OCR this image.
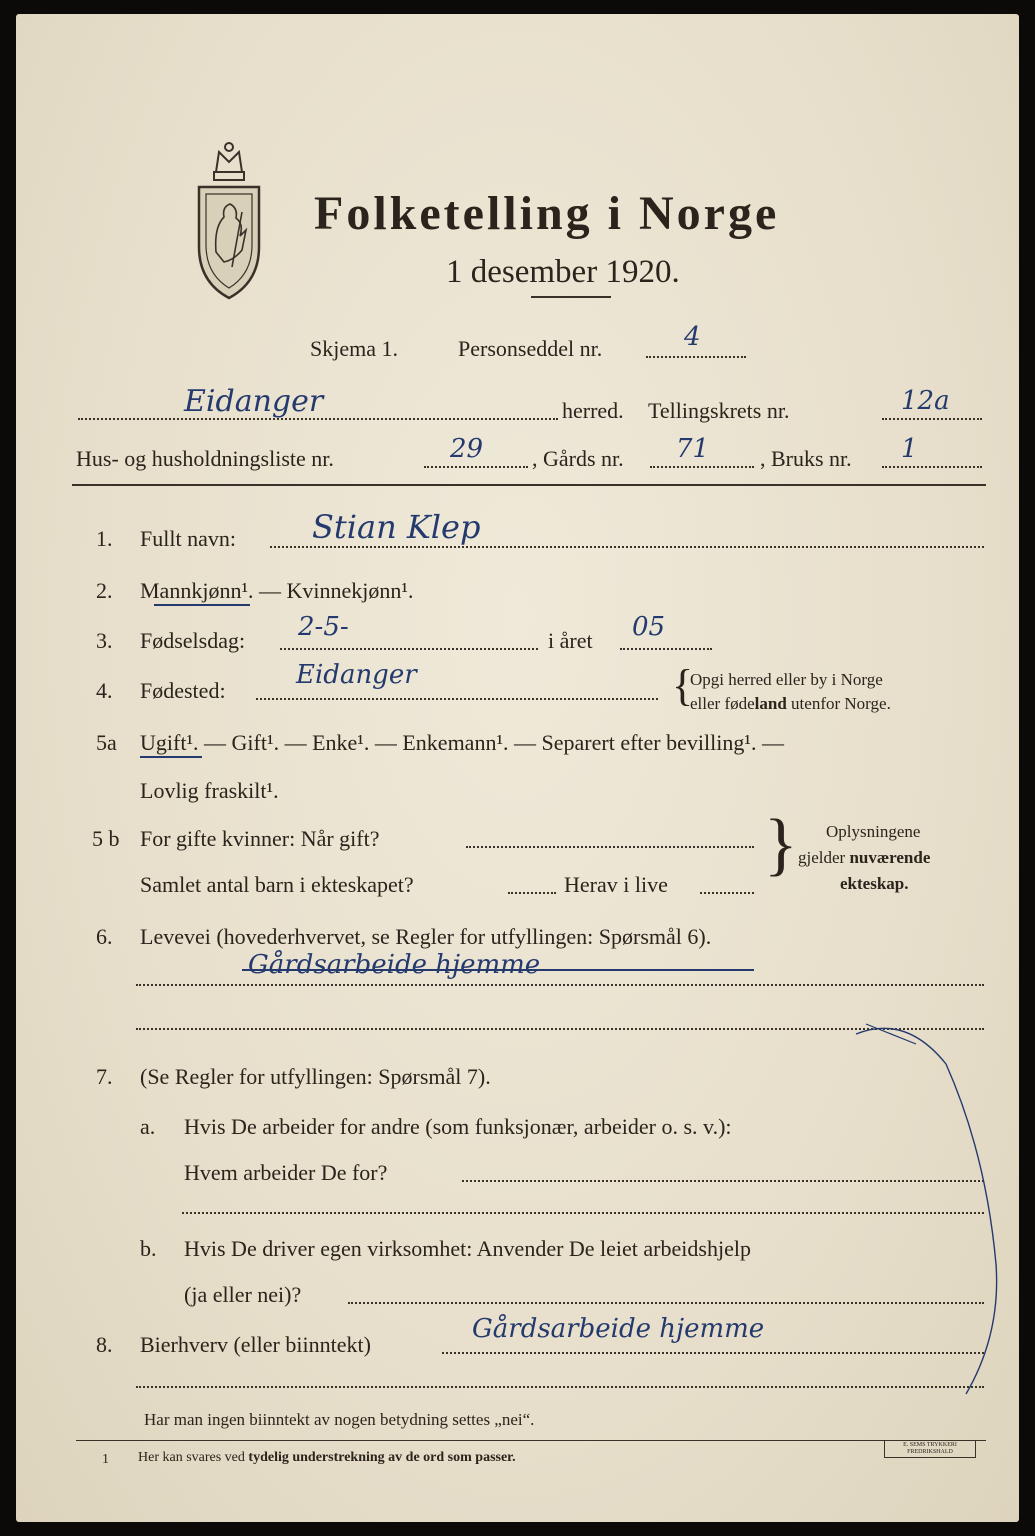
Folketelling i Norge
1 desember 1920.
Skjema 1.	Personseddel nr.	4
Eidanger	herred. Tellingskrets nr.	12a
Hus- og husholdningsliste nr.	29 , Gårds nr. 71 , Bruks nr. 1
1. Fullt navn: Stian Klep
2. Mannkjønn¹. — Kvinnekjønn¹.
3. Fødselsdag: 2-5-	i året 05
4. Fødested:
Eidanger	{
Opgi herred eller by i Norge
eller fødeland utenfor Norge.
5a Ugift¹. — Gift¹. — Enke¹. — Enkemann¹. — Separert efter bevilling¹. —
Lovlig fraskilt¹.
5 b For gifte kvinner: Når gift?
Samlet antal barn i ekteskapet?	Herav i live
} Oplysningene
gjelder nuværende
ekteskap.
6. Levevei (hovederhvervet, se Regler for utfyllingen: Spørsmål 6).
Gårdsarbeide hjemme
7. (Se Regler for utfyllingen: Spørsmål 7).
a. Hvis De arbeider for andre (som funksjonær, arbeider o. s. v.):
Hvem arbeider De for?
b. Hvis De driver egen virksomhet: Anvender De leiet arbeidshjelp
(ja eller nei)?
8. Bierhverv (eller biinntekt)
Gårdsarbeide hjemme
Har man ingen biinntekt av nogen betydning settes „nei“.
1 Her kan svares ved tydelig understrekning av de ord som passer.
E. SEMS TRYKKERI FREDRIKSHALD
